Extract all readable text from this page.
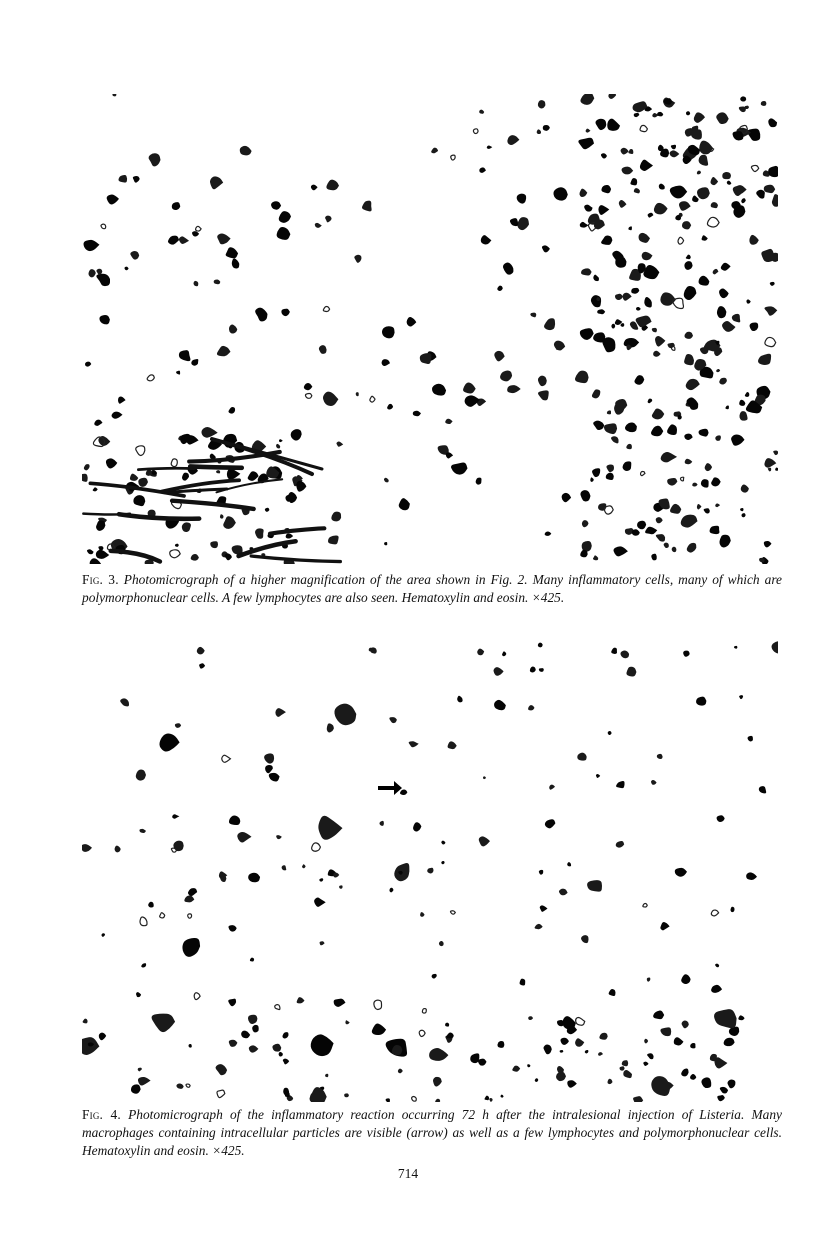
Fig. 3. Photomicrograph of a higher magnification of the area shown in Fig. 2. Many inflammatory cells, many of which are polymorphonuclear cells. A few lymphocytes are also seen. Hematoxylin and eosin. ×425.
Fig. 4. Photomicrograph of the inflammatory reaction occurring 72 h after the intralesional injection of Listeria. Many macrophages containing intracellular particles are visible (arrow) as well as a few lymphocytes and polymorphonuclear cells. Hematoxylin and eosin. ×425.
714
